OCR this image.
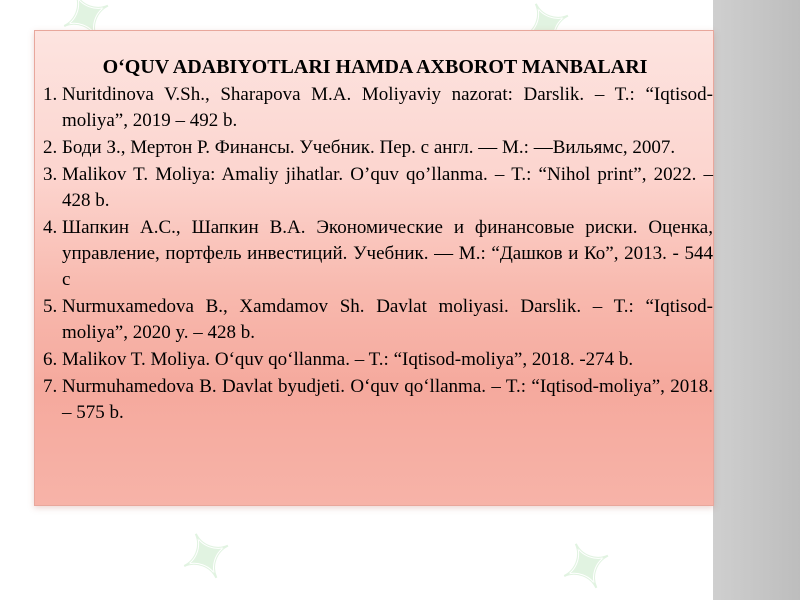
✦	✦
O‘QUV ADABIYOTLARI HAMDA AXBOROT MANBALARI
1. Nuritdinova V.Sh., Sharapova M.A. Moliyaviy nazorat: Darslik. – T.: “Iqtisod-moliya”, 2019 – 492 b.
2. Боди З., Мертон Р. Финансы. Учебник. Пер. с англ. — М.: —Вильямс, 2007.
3. Malikov T. Moliya: Amaliy jihatlar. O’quv qo’llanma. – T.: “Nihol print”, 2022. – 428 b.
4. Шапкин А.С., Шапкин В.А. Экономические и финансовые риски. Оценка, управление, портфель инвестиций. Учебник. — М.: “Дашков и Ко”, 2013. - 544 с
5. Nurmuxamedova B., Xamdamov Sh. Davlat moliyasi. Darslik. – T.: “Iqtisod-moliya”, 2020 y. – 428 b.
6. Malikov T. Moliya. O‘quv qo‘llanma. – T.: “Iqtisod-moliya”, 2018. -274 b.
7. Nurmuhamedova B. Davlat byudjeti. O‘quv qo‘llanma. – T.: “Iqtisod-moliya”, 2018. – 575 b.
